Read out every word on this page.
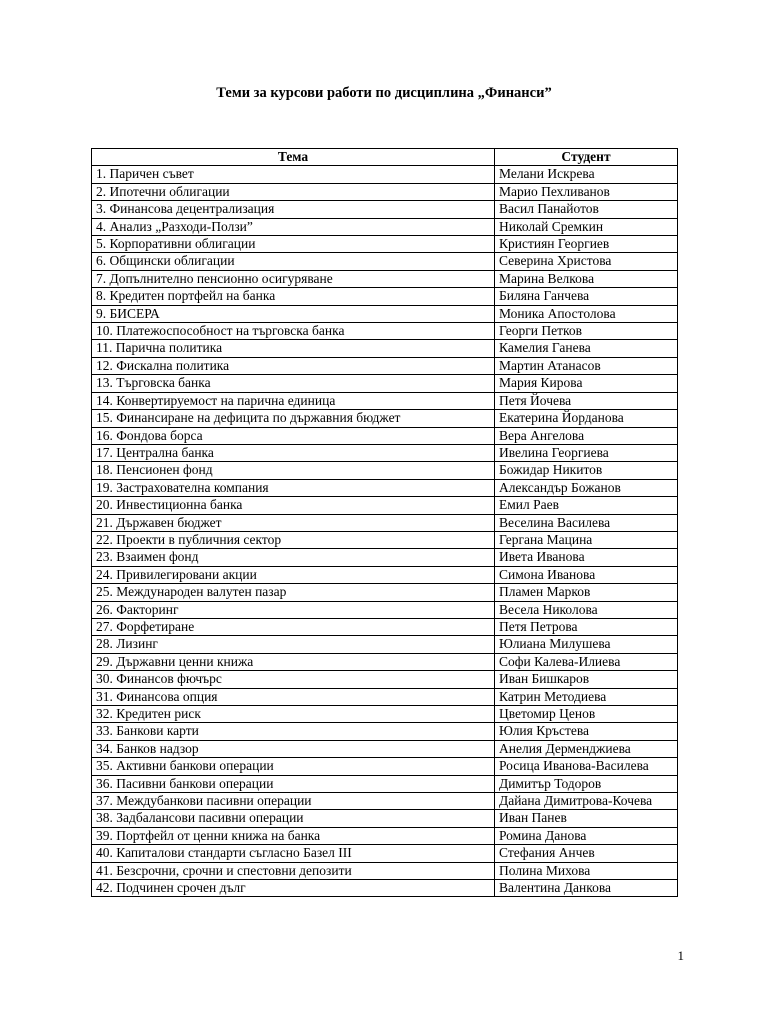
Теми за курсови работи по дисциплина „Финанси”
Тема	Студент
1. Паричен съвет	Мелани Искрева
2. Ипотечни облигации	Марио Пехливанов
3. Финансова децентрализация	Васил Панайотов
4. Анализ „Разходи-Ползи”	Николай Сремкин
5. Корпоративни облигации	Кристиян Георгиев
6. Общински облигации	Северина Христова
7. Допълнително пенсионно осигуряване	Марина Велкова
8. Кредитен портфейл на банка	Биляна Ганчева
9. БИСЕРА	Моника Апостолова
10. Платежоспособност на търговска банка	Георги Петков
11. Парична политика	Камелия Ганева
12. Фискална политика	Мартин Атанасов
13. Търговска банка	Мария Кирова
14. Конвертируемост на парична единица	Петя Йочева
15. Финансиране на дефицита по държавния бюджет	Екатерина Йорданова
16. Фондова борса	Вера Ангелова
17. Централна банка	Ивелина Георгиева
18. Пенсионен фонд	Божидар Никитов
19. Застрахователна компания	Александър Божанов
20. Инвестиционна банка	Емил Раев
21. Държавен бюджет	Веселина Василева
22. Проекти в публичния сектор	Гергана Мацина
23. Взаимен фонд	Ивета Иванова
24. Привилегировани акции	Симона Иванова
25. Международен валутен пазар	Пламен Марков
26. Факторинг	Весела Николова
27. Форфетиране	Петя Петрова
28. Лизинг	Юлиана Милушева
29. Държавни ценни книжа	Софи Калева-Илиева
30. Финансов фючърс	Иван Бишкаров
31. Финансова опция	Катрин Методиева
32. Кредитен риск	Цветомир Ценов
33. Банкови карти	Юлия Кръстева
34. Банков надзор	Анелия Дерменджиева
35. Активни банкови операции	Росица Иванова-Василева
36. Пасивни банкови операции	Димитър Тодоров
37. Междубанкови пасивни операции	Дайана Димитрова-Кочева
38. Задбалансови пасивни операции	Иван Панев
39. Портфейл от ценни книжа на банка	Ромина Данова
40. Капиталови стандарти съгласно Базел III	Стефания Анчев
41. Безсрочни, срочни и спестовни депозити	Полина Михова
42. Подчинен срочен дълг	Валентина Данкова
1
